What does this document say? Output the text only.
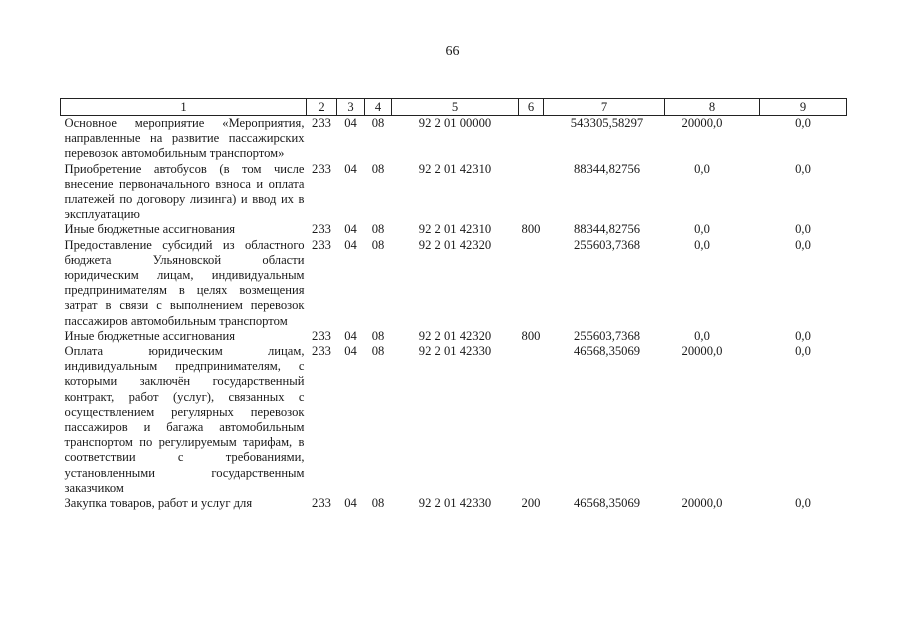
66
1	2	3	4	5	6	7	8	9
Основное мероприятие «Мероприятия, направленные на развитие пассажирских перевозок автомобильным транспортом»	233	04	08	92 2 01 00000		543305,58297	20000,0	0,0
Приобретение автобусов (в том числе внесение первоначального взноса и оплата платежей по договору лизинга) и ввод их в эксплуатацию	233	04	08	92 2 01 42310		88344,82756	0,0	0,0
Иные бюджетные ассигнования	233	04	08	92 2 01 42310	800	88344,82756	0,0	0,0
Предоставление субсидий из областного бюджета Ульяновской области юридическим лицам, индивидуальным предпринимателям в целях возмещения затрат в связи с выполнением перевозок пассажиров автомобильным транспортом	233	04	08	92 2 01 42320		255603,7368	0,0	0,0
Иные бюджетные ассигнования	233	04	08	92 2 01 42320	800	255603,7368	0,0	0,0
Оплата юридическим лицам, индивидуальным предпринимателям, с которыми заключён государственный контракт, работ (услуг), связанных с осуществлением регулярных перевозок пассажиров и багажа автомобильным транспортом по регулируемым тарифам, в соответствии с требованиями, установленными государственным заказчиком	233	04	08	92 2 01 42330		46568,35069	20000,0	0,0
Закупка товаров, работ и услуг для	233	04	08	92 2 01 42330	200	46568,35069	20000,0	0,0
